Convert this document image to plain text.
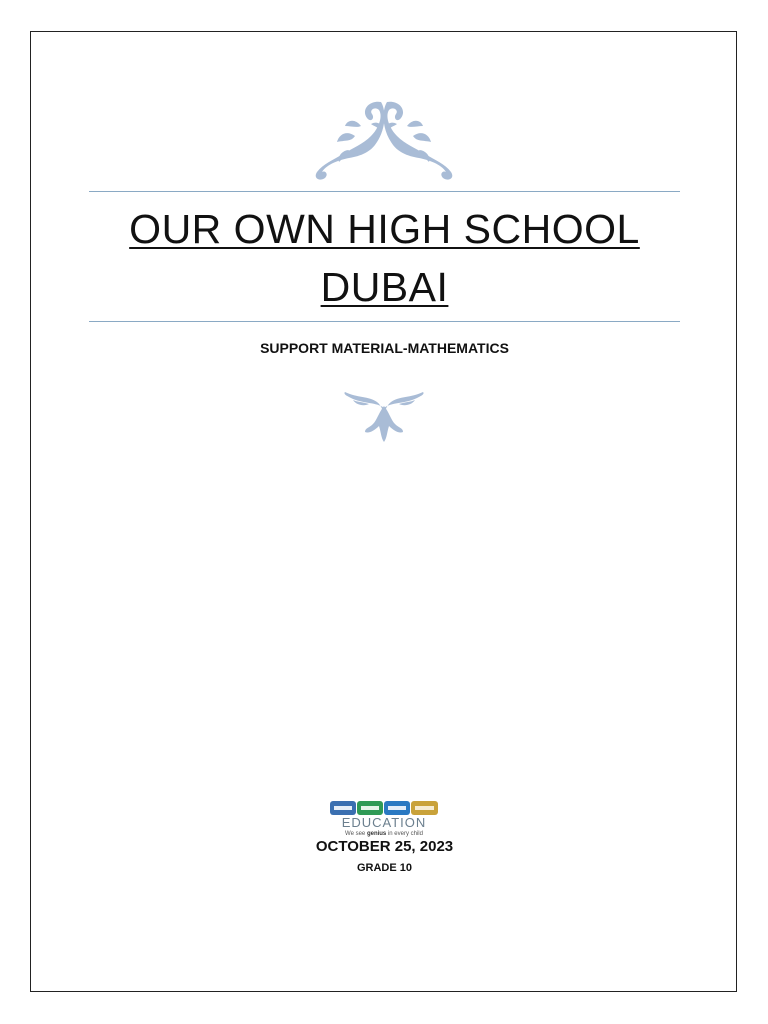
OUR OWN HIGH SCHOOL
DUBAI
SUPPORT MATERIAL-MATHEMATICS
EDUCATION
We see genius in every child
OCTOBER 25, 2023
GRADE 10
